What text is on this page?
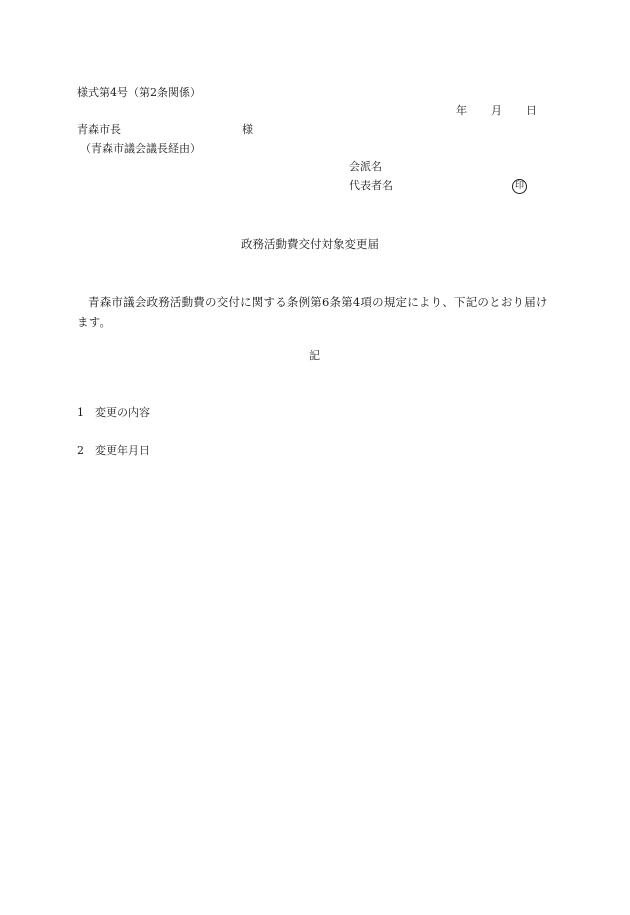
様式第4号（第2条関係）
年 月 日
青森市長	様
（青森市議会議長経由）
会派名
代表者名	印
政務活動費交付対象変更届
青森市議会政務活動費の交付に関する条例第6条第4項の規定により、下記のとおり届けます。
記
1 変更の内容
2 変更年月日
